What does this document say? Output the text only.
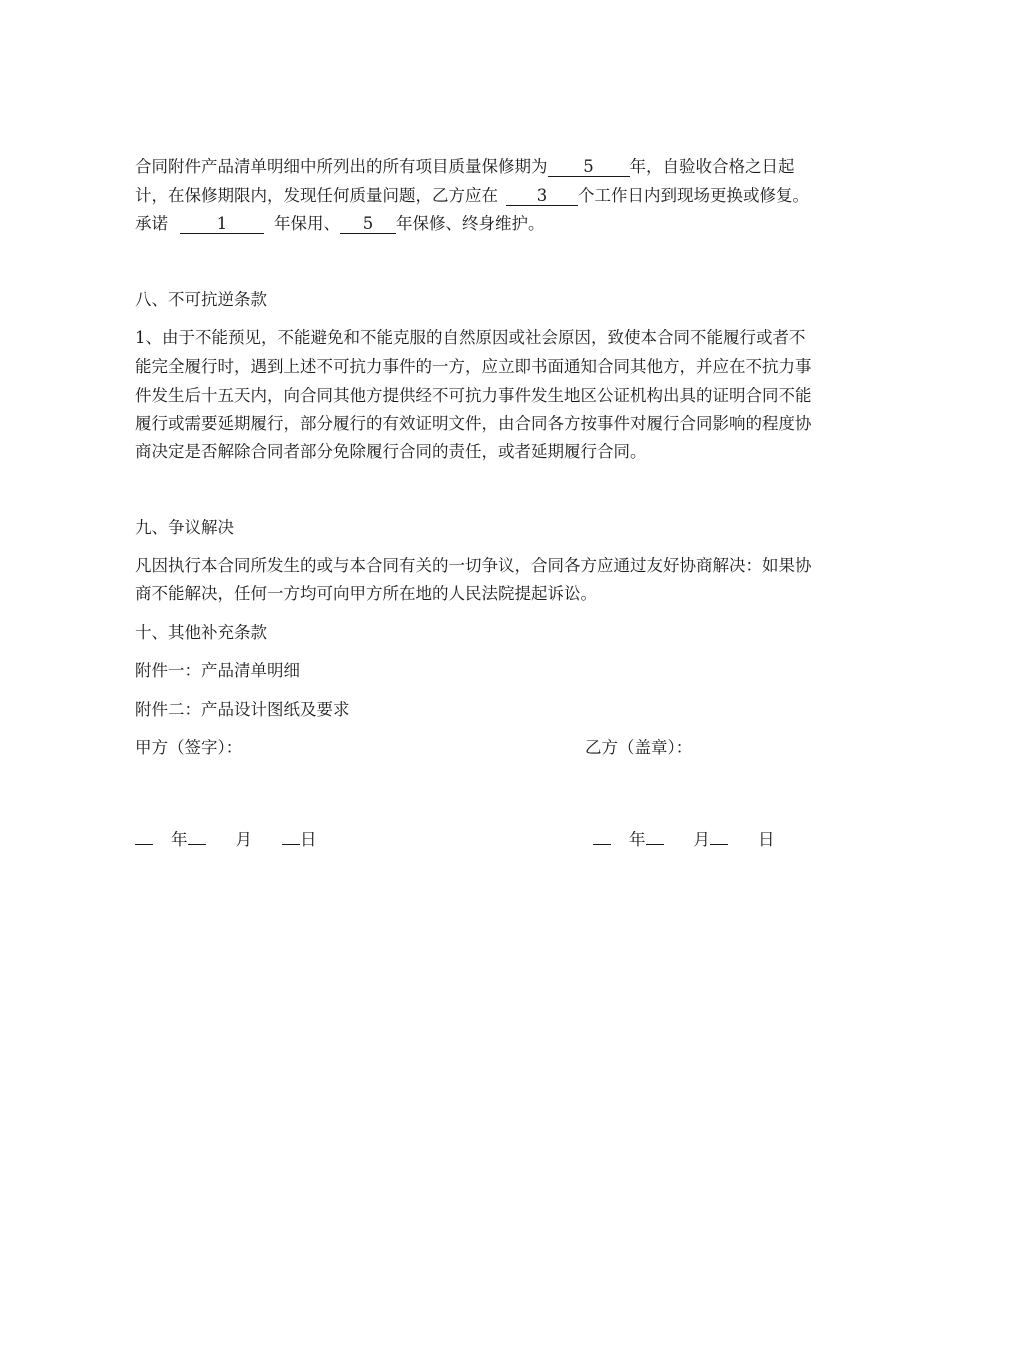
合同附件产品清单明细中所列出的所有项目质量保修期为 5 年，自验收合格之日起
计，在保修期限内，发现任何质量问题，乙方应在 3 个工作日内到现场更换或修复。
承诺	1	年保用、 5 年保修、终身维护。
八、不可抗逆条款
1、由于不能预见，不能避免和不能克服的自然原因或社会原因，致使本合同不能履行或者不
能完全履行时，遇到上述不可抗力事件的一方，应立即书面通知合同其他方，并应在不抗力事
件发生后十五天内，向合同其他方提供经不可抗力事件发生地区公证机构出具的证明合同不能
履行或需要延期履行，部分履行的有效证明文件，由合同各方按事件对履行合同影响的程度协
商决定是否解除合同者部分免除履行合同的责任，或者延期履行合同。
九、争议解决
凡因执行本合同所发生的或与本合同有关的一切争议，合同各方应通过友好协商解决：如果协
商不能解决，任何一方均可向甲方所在地的人民法院提起诉讼。
十、其他补充条款
附件一：产品清单明细
附件二：产品设计图纸及要求
甲方（签字）：	乙方（盖章）：
年	月	日	年	月	日
